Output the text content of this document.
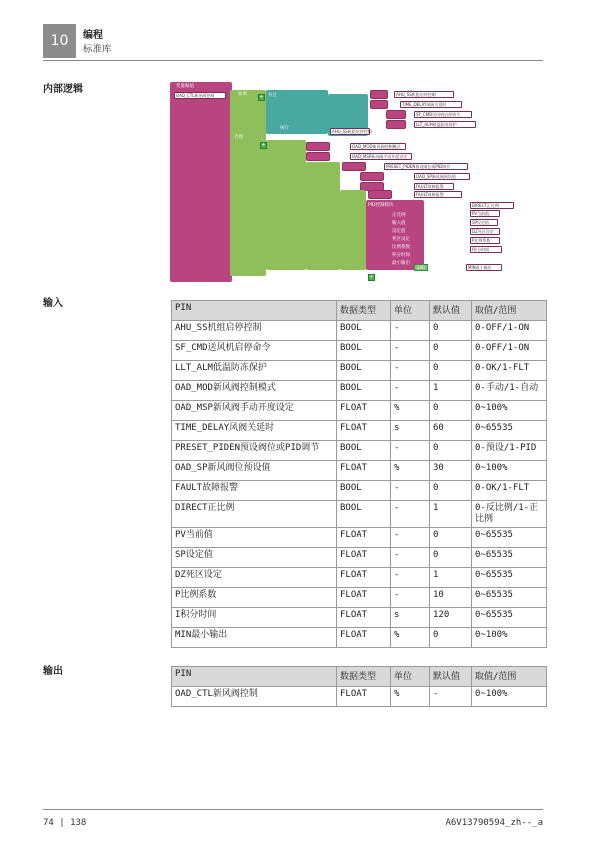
10	编程
标准库
内部逻辑	变量赋值
OAD_CTL新风阀控制	如果
否则
并且
执行
AHU_SS机组启停控制
TIME_DELAY风阀关延时
SF_CMD送风机启停命令
LLT_ALM低温防冻保护
AHU_SS机组启停控制
+
+	OAD_MOD新风阀控制模式
OAD_MSP新风阀手动开度设定
PRESET_PIDEN预设阀位或PID调节
OAD_SP新风阀预设值
FAULT故障报警
FAULT故障报警
PID控制模块
正比例
输入值
设定值
死区设定
比例系数
积分时间
最小输出
DIRECT正比例
PV当前值
SP设定值
DZ死区设定
P比例系数
I积分时间
MIN最小输出
100
+
输入	PIN	数据类型	单位	默认值	取值/范围
AHU_SS机组启停控制	BOOL	-	0	0-OFF/1-ON
SF_CMD送风机启停命令	BOOL	-	0	0-OFF/1-ON
LLT_ALM低温防冻保护	BOOL	-	0	0-OK/1-FLT
OAD_MOD新风阀控制模式	BOOL	-	1	0-手动/1-自动
OAD_MSP新风阀手动开度设定	FLOAT	%	0	0~100%
TIME_DELAY风阀关延时	FLOAT	s	60	0~65535
PRESET_PIDEN预设阀位或PID调节	BOOL	-	0	0-预设/1-PID
OAD_SP新风阀位预设值	FLOAT	%	30	0~100%
FAULT故障报警	BOOL	-	0	0-OK/1-FLT
DIRECT正比例	BOOL	-	1	0-反比例/1-正比例
PV当前值	FLOAT	-	0	0~65535
SP设定值	FLOAT	-	0	0~65535
DZ死区设定	FLOAT	-	1	0~65535
P比例系数	FLOAT	-	10	0~65535
I积分时间	FLOAT	s	120	0~65535
MIN最小输出	FLOAT	%	0	0~100%
输出	PIN	数据类型	单位	默认值	取值/范围
OAD_CTL新风阀控制	FLOAT	%	-	0~100%
74 | 138	A6V13790594_zh--_a
